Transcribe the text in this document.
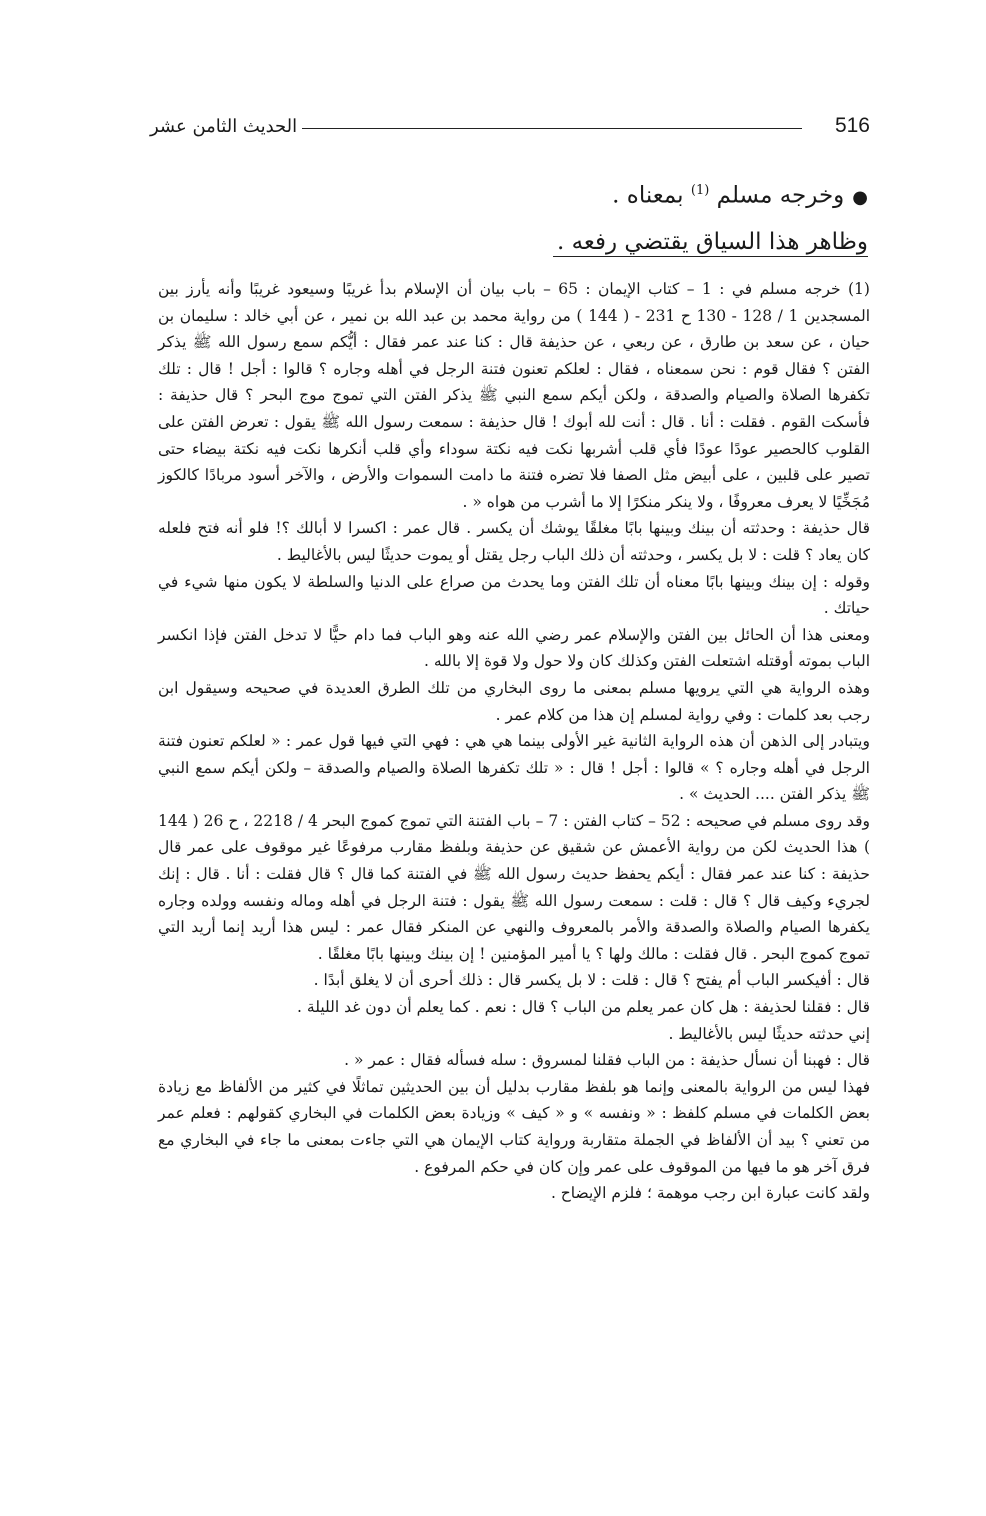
516
الحديث الثامن عشر
●وخرجه مسلم $^{(1)}$ بمعناه .
وظاهر هذا السياق يقتضي رفعه .

(1) خرجه مسلم في : 1 – كتاب الإيمان : 65 – باب بيان أن الإسلام بدأ غريبًا وسيعود غريبًا وأنه يأرز بين المسجدين 1 / 128 - 130 ح 231 - ( 144 ) من رواية محمد بن عبد الله بن نمير ، عن أبي خالد : سليمان بن حيان ، عن سعد بن طارق ، عن ربعي ، عن حذيفة قال : كنا عند عمر فقال : أيُّكم سمع رسول الله ﷺ يذكر الفتن ؟ فقال قوم : نحن سمعناه ، فقال : لعلكم تعنون فتنة الرجل في أهله وجاره ؟ قالوا : أجل ! قال : تلك تكفرها الصلاة والصيام والصدقة ، ولكن أيكم سمع النبي ﷺ يذكر الفتن التي تموج موج البحر ؟ قال حذيفة : فأسكت القوم . فقلت : أنا . قال : أنت لله أبوك ! قال حذيفة : سمعت رسول الله ﷺ يقول : تعرض الفتن على القلوب كالحصير عودًا عودًا فأي قلب أشربها نكت فيه نكتة سوداء وأي قلب أنكرها نكت فيه نكتة بيضاء حتى تصير على قلبين ، على أبيض مثل الصفا فلا تضره فتنة ما دامت السموات والأرض ، والآخر أسود مربادًا كالكوز مُجَخِّيًا لا يعرف معروفًا ، ولا ينكر منكرًا إلا ما أشرب من هواه « .

قال حذيفة : وحدثته أن بينك وبينها بابًا مغلقًا يوشك أن يكسر . قال عمر : اكسرا لا أبالك ؟! فلو أنه فتح فلعله كان يعاد ؟ قلت : لا بل يكسر ، وحدثته أن ذلك الباب رجل يقتل أو يموت حديثًا ليس بالأغاليط .

وقوله : إن بينك وبينها بابًا معناه أن تلك الفتن وما يحدث من صراع على الدنيا والسلطة لا يكون منها شيء في حياتك .

ومعنى هذا أن الحائل بين الفتن والإسلام عمر رضي الله عنه وهو الباب فما دام حيًّا لا تدخل الفتن فإذا انكسر الباب بموته أوقتله اشتعلت الفتن وكذلك كان ولا حول ولا قوة إلا بالله .

وهذه الرواية هي التي يرويها مسلم بمعنى ما روى البخاري من تلك الطرق العديدة في صحيحه وسيقول ابن رجب بعد كلمات : وفي رواية لمسلم إن هذا من كلام عمر .

ويتبادر إلى الذهن أن هذه الرواية الثانية غير الأولى بينما هي هي : فهي التي فيها قول عمر : « لعلكم تعنون فتنة الرجل في أهله وجاره ؟ » قالوا : أجل ! قال : « تلك تكفرها الصلاة والصيام والصدقة – ولكن أيكم سمع النبي ﷺ يذكر الفتن .... الحديث » .

وقد روى مسلم في صحيحه : 52 – كتاب الفتن : 7 – باب الفتنة التي تموج كموج البحر 4 / 2218 ، ح 26 ( 144 ) هذا الحديث لكن من رواية الأعمش عن شقيق عن حذيفة وبلفظ مقارب مرفوعًا غير موقوف على عمر قال حذيفة : كنا عند عمر فقال : أيكم يحفظ حديث رسول الله ﷺ في الفتنة كما قال ؟ قال فقلت : أنا . قال : إنك لجريء وكيف قال ؟ قال : قلت : سمعت رسول الله ﷺ يقول : فتنة الرجل في أهله وماله ونفسه وولده وجاره يكفرها الصيام والصلاة والصدقة والأمر بالمعروف والنهي عن المنكر فقال عمر : ليس هذا أريد إنما أريد التي تموج كموج البحر . قال فقلت : مالك ولها ؟ يا أمير المؤمنين ! إن بينك وبينها بابًا مغلقًا .

قال : أفيكسر الباب أم يفتح ؟ قال : قلت : لا بل يكسر قال : ذلك أحرى أن لا يغلق أبدًا .

قال : فقلنا لحذيفة : هل كان عمر يعلم من الباب ؟ قال : نعم . كما يعلم أن دون غد الليلة .

إني حدثته حديثًا ليس بالأغاليط .

قال : فهبنا أن نسأل حذيفة : من الباب فقلنا لمسروق : سله فسأله فقال : عمر « .

فهذا ليس من الرواية بالمعنى وإنما هو بلفظ مقارب بدليل أن بين الحديثين تماثلًا في كثير من الألفاظ مع زيادة بعض الكلمات في مسلم كلفظ : « ونفسه » و « كيف » وزيادة بعض الكلمات في البخاري كقولهم : فعلم عمر من تعني ؟ بيد أن الألفاظ في الجملة متقاربة ورواية كتاب الإيمان هي التي جاءت بمعنى ما جاء في البخاري مع فرق آخر هو ما فيها من الموقوف على عمر وإن كان في حكم المرفوع .

ولقد كانت عبارة ابن رجب موهمة ؛ فلزم الإيضاح .
